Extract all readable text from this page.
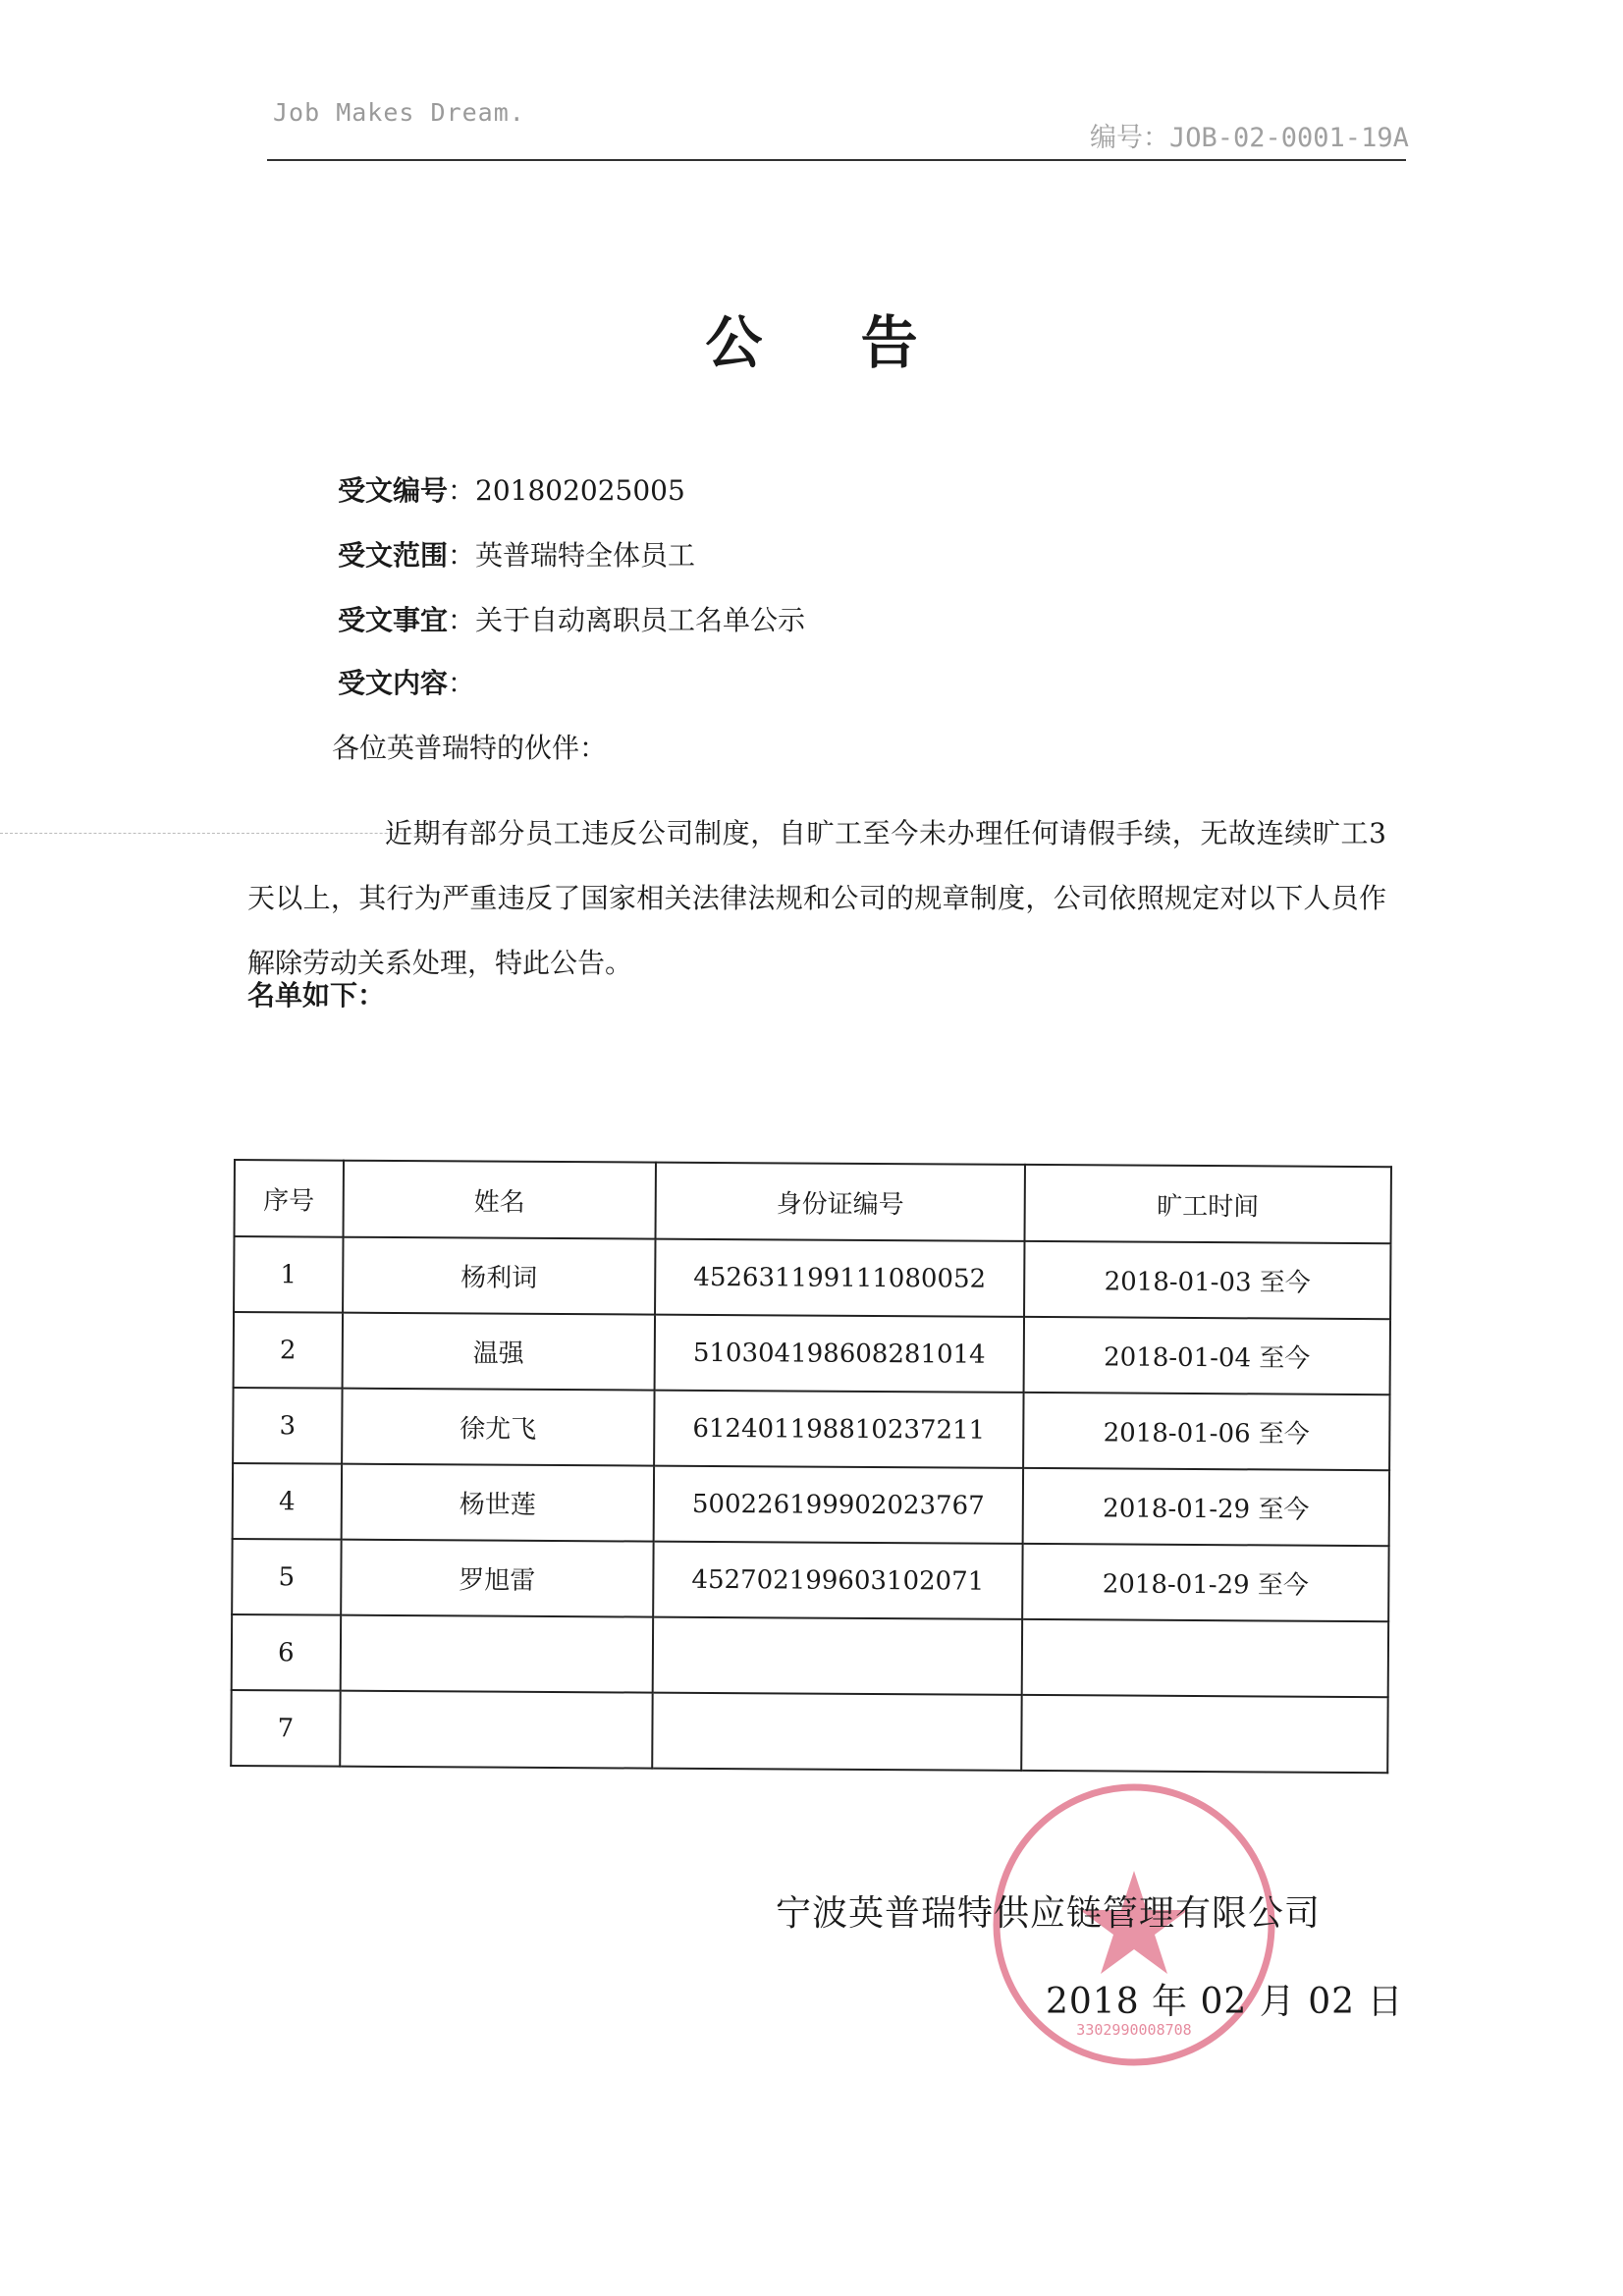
Job Makes Dream.
编号：JOB-02-0001-19A
公 告
受文编号：201802025005
受文范围：英普瑞特全体员工
受文事宜：关于自动离职员工名单公示
受文内容：
各位英普瑞特的伙伴：
近期有部分员工违反公司制度，自旷工至今未办理任何请假手续，无故连续旷工3天以上，其行为严重违反了国家相关法律法规和公司的规章制度，公司依照规定对以下人员作解除劳动关系处理，特此公告。
名单如下：
序号	姓名	身份证编号	旷工时间
1	杨利词	452631199111080052	2018-01-03 至今
2	温强	510304198608281014	2018-01-04 至今
3	徐尤飞	612401198810237211	2018-01-06 至今
4	杨世莲	500226199902023767	2018-01-29 至今
5	罗旭雷	452702199603102071	2018-01-29 至今
6			
7			
3302990008708
宁波英普瑞特供应链管理有限公司
2018 年 02 月 02 日
